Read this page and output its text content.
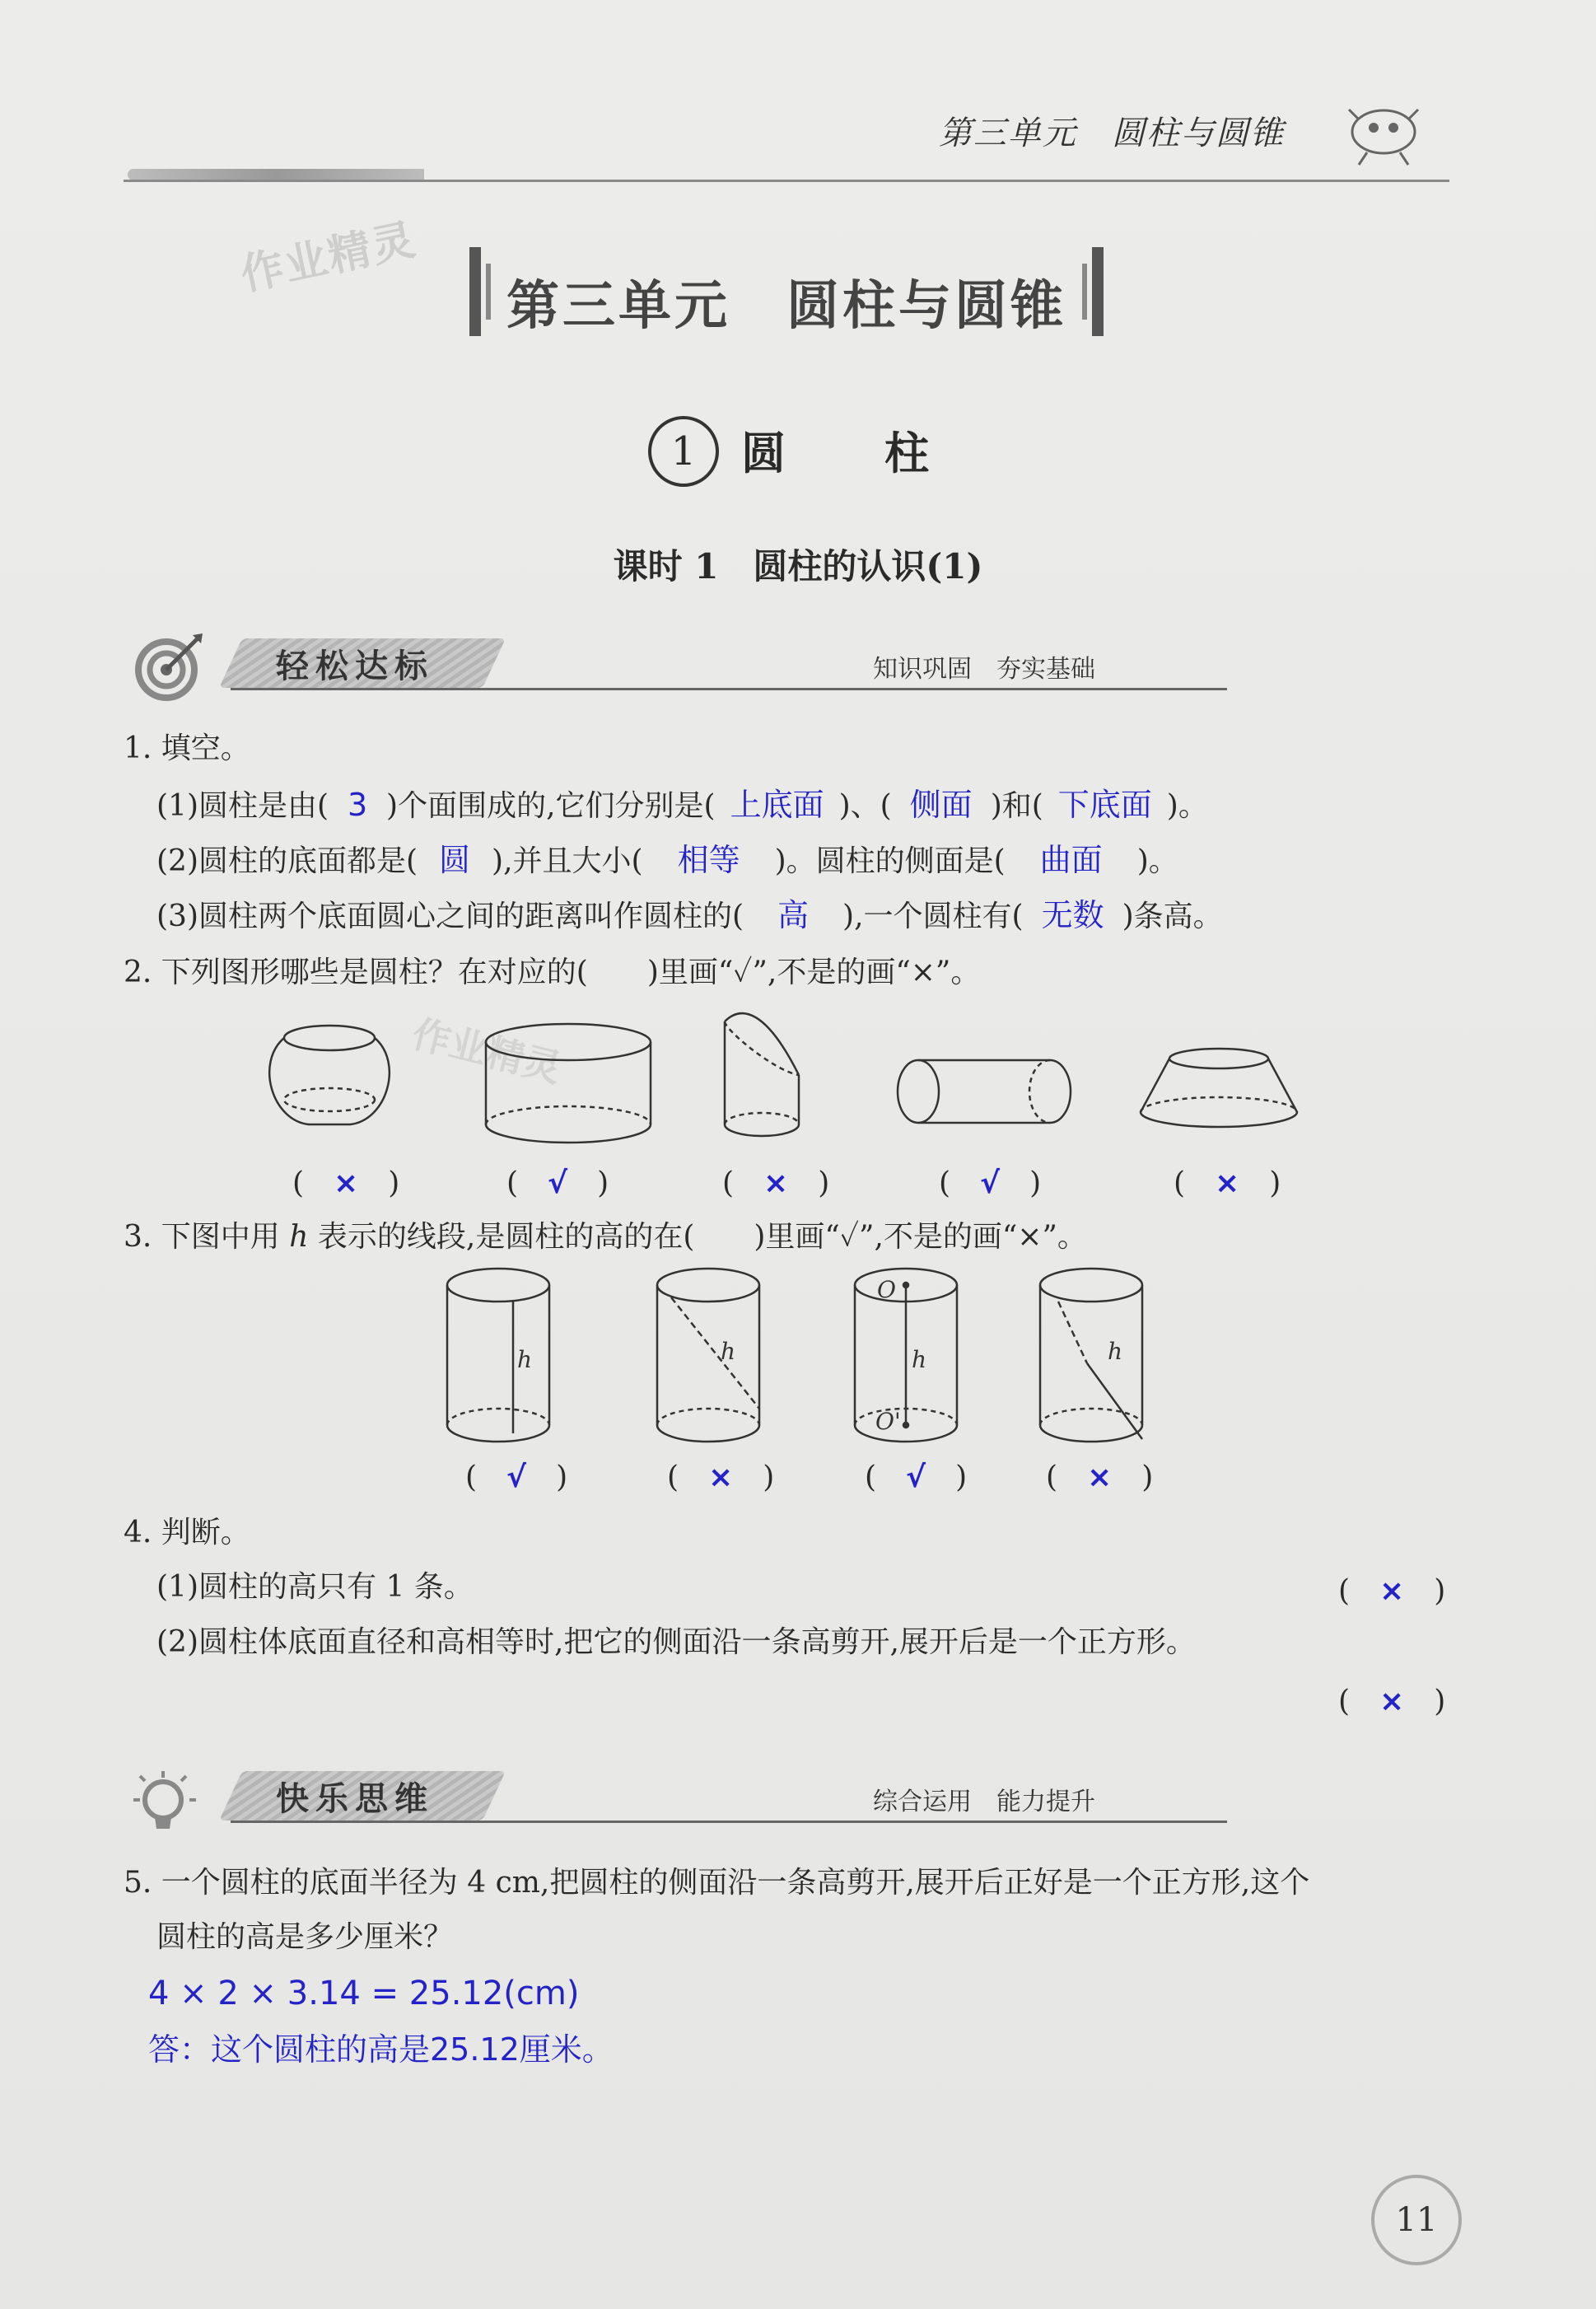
第三单元　圆柱与圆锥
作业精灵
作业精灵
第三单元　圆柱与圆锥
1	圆柱
课时 1　圆柱的认识(1)
轻松达标	知识巩固　夯实基础
1. 填空。
(1)圆柱是由( 3 )个面围成的,它们分别是( 上底面 )、( 侧面 )和( 下底面 )。
(2)圆柱的底面都是( 圆 ),并且大小( 相等 )。圆柱的侧面是( 曲面 )。
(3)圆柱两个底面圆心之间的距离叫作圆柱的( 高 ),一个圆柱有( 无数 )条高。
2. 下列图形哪些是圆柱？在对应的(　　)里画“✓”,不是的画“×”。
(　×　)	(　√　)	(　×　)	(　√　)	(　×　)
3. 下图中用 h 表示的线段,是圆柱的高的在(　　)里画“✓”,不是的画“×”。
h	h
O
h
O'
h
(　√　)	(　×　)	(　√　)	(　×　)
4. 判断。
(1)圆柱的高只有 1 条。	(　×　)
(2)圆柱体底面直径和高相等时,把它的侧面沿一条高剪开,展开后是一个正方形。
(　×　)
快乐思维	综合运用　能力提升
5. 一个圆柱的底面半径为 4 cm,把圆柱的侧面沿一条高剪开,展开后正好是一个正方形,这个
圆柱的高是多少厘米？
4 × 2 × 3.14 = 25.12(cm)
答：这个圆柱的高是25.12厘米。
11
